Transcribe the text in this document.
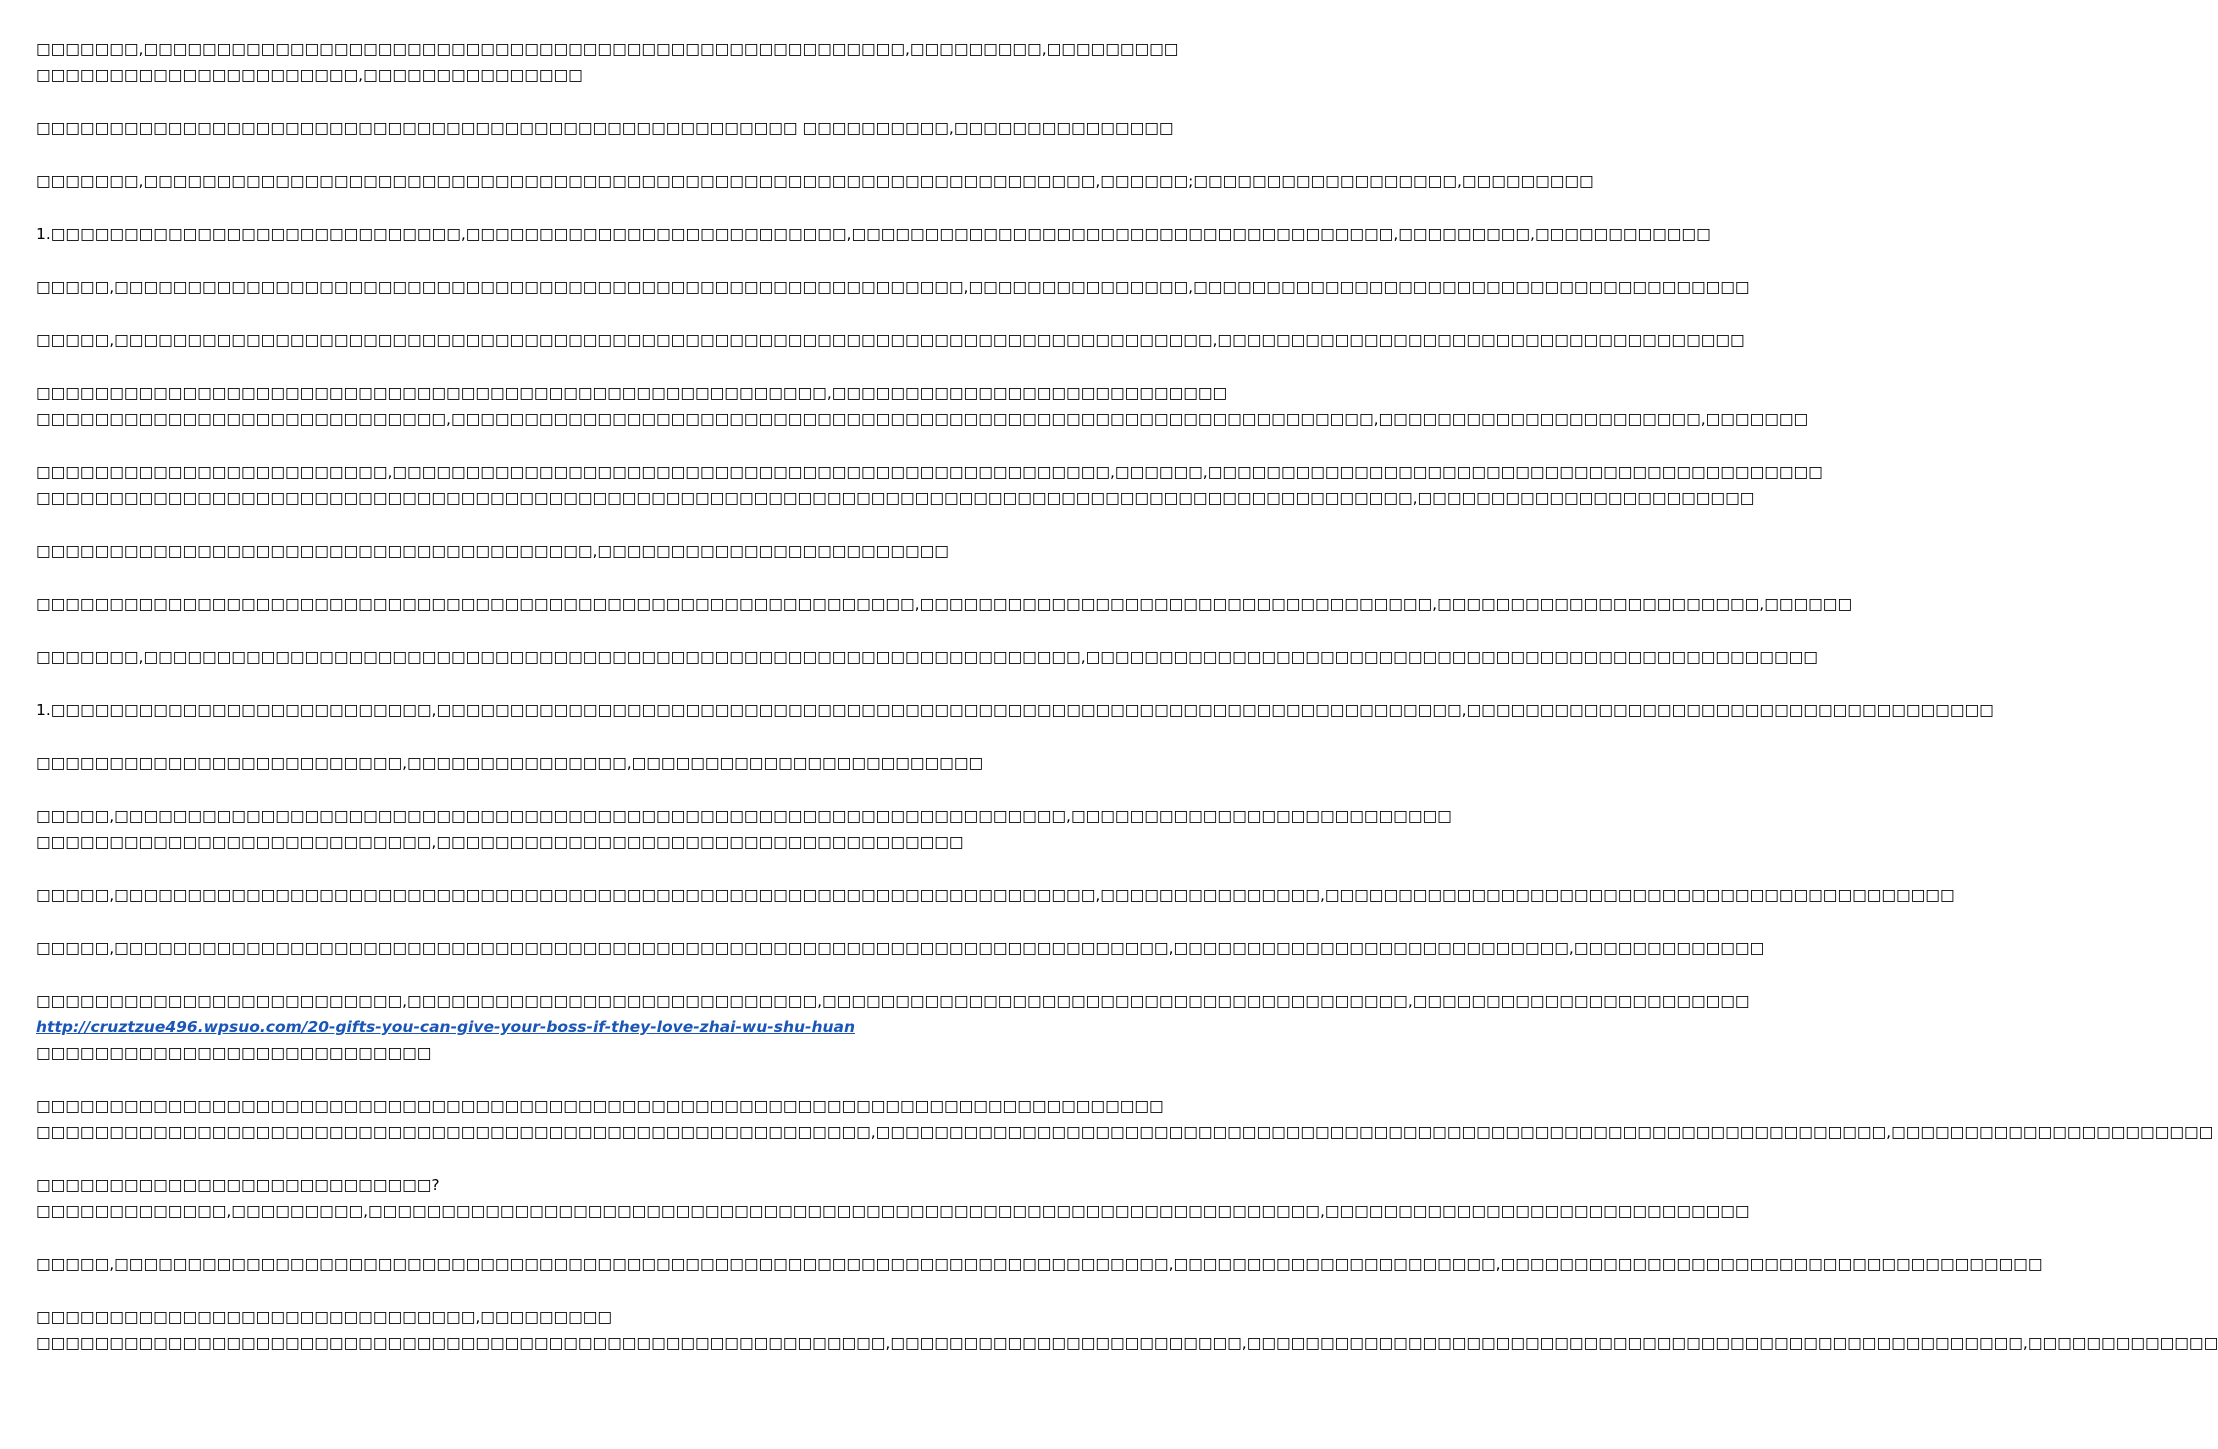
□□□□□□□,□□□□□□□□□□□□□□□□□□□□□□□□□□□□□□□□□□□□□□□□□□□□□□□□□□□□,□□□□□□□□□,□□□□□□□□□
□□□□□□□□□□□□□□□□□□□□□□,□□□□□□□□□□□□□□□
□□□□□□□□□□□□□□□□□□□□□□□□□□□□□□□□□□□□□□□□□□□□□□□□□□□□ □□□□□□□□□□,□□□□□□□□□□□□□□□
□□□□□□□,□□□□□□□□□□□□□□□□□□□□□□□□□□□□□□□□□□□□□□□□□□□□□□□□□□□□□□□□□□□□□□□□□,□□□□□□;□□□□□□□□□□□□□□□□□□,□□□□□□□□□
1.□□□□□□□□□□□□□□□□□□□□□□□□□□□□,□□□□□□□□□□□□□□□□□□□□□□□□□□,□□□□□□□□□□□□□□□□□□□□□□□□□□□□□□□□□□□□□,□□□□□□□□□,□□□□□□□□□□□□
□□□□□,□□□□□□□□□□□□□□□□□□□□□□□□□□□□□□□□□□□□□□□□□□□□□□□□□□□□□□□□□□,□□□□□□□□□□□□□□□,□□□□□□□□□□□□□□□□□□□□□□□□□□□□□□□□□□□□□□
□□□□□,□□□□□□□□□□□□□□□□□□□□□□□□□□□□□□□□□□□□□□□□□□□□□□□□□□□□□□□□□□□□□□□□□□□□□□□□□□□,□□□□□□□□□□□□□□□□□□□□□□□□□□□□□□□□□□□□
□□□□□□□□□□□□□□□□□□□□□□□□□□□□□□□□□□□□□□□□□□□□□□□□□□□□□□,□□□□□□□□□□□□□□□□□□□□□□□□□□□
□□□□□□□□□□□□□□□□□□□□□□□□□□□□,□□□□□□□□□□□□□□□□□□□□□□□□□□□□□□□□□□□□□□□□□□□□□□□□□□□□□□□□□□□□□□□,□□□□□□□□□□□□□□□□□□□□□□,□□□□□□□
□□□□□□□□□□□□□□□□□□□□□□□□,□□□□□□□□□□□□□□□□□□□□□□□□□□□□□□□□□□□□□□□□□□□□□□□□□,□□□□□□,□□□□□□□□□□□□□□□□□□□□□□□□□□□□□□□□□□□□□□□□□□
□□□□□□□□□□□□□□□□□□□□□□□□□□□□□□□□□□□□□□□□□□□□□□□□□□□□□□□□□□□□□□□□□□□□□□□□□□□□□□□□□□□□□□□□□□□□□□,□□□□□□□□□□□□□□□□□□□□□□□
□□□□□□□□□□□□□□□□□□□□□□□□□□□□□□□□□□□□□□,□□□□□□□□□□□□□□□□□□□□□□□□
□□□□□□□□□□□□□□□□□□□□□□□□□□□□□□□□□□□□□□□□□□□□□□□□□□□□□□□□□□□□,□□□□□□□□□□□□□□□□□□□□□□□□□□□□□□□□□□□,□□□□□□□□□□□□□□□□□□□□□□,□□□□□□
□□□□□□□,□□□□□□□□□□□□□□□□□□□□□□□□□□□□□□□□□□□□□□□□□□□□□□□□□□□□□□□□□□□□□□□□,□□□□□□□□□□□□□□□□□□□□□□□□□□□□□□□□□□□□□□□□□□□□□□□□□□
1.□□□□□□□□□□□□□□□□□□□□□□□□□□,□□□□□□□□□□□□□□□□□□□□□□□□□□□□□□□□□□□□□□□□□□□□□□□□□□□□□□□□□□□□□□□□□□□□□□,□□□□□□□□□□□□□□□□□□□□□□□□□□□□□□□□□□□□
□□□□□□□□□□□□□□□□□□□□□□□□□,□□□□□□□□□□□□□□□,□□□□□□□□□□□□□□□□□□□□□□□□
□□□□□,□□□□□□□□□□□□□□□□□□□□□□□□□□□□□□□□□□□□□□□□□□□□□□□□□□□□□□□□□□□□□□□□□,□□□□□□□□□□□□□□□□□□□□□□□□□□
□□□□□□□□□□□□□□□□□□□□□□□□□□□,□□□□□□□□□□□□□□□□□□□□□□□□□□□□□□□□□□□□
□□□□□,□□□□□□□□□□□□□□□□□□□□□□□□□□□□□□□□□□□□□□□□□□□□□□□□□□□□□□□□□□□□□□□□□□□,□□□□□□□□□□□□□□□,□□□□□□□□□□□□□□□□□□□□□□□□□□□□□□□□□□□□□□□□□□□
□□□□□,□□□□□□□□□□□□□□□□□□□□□□□□□□□□□□□□□□□□□□□□□□□□□□□□□□□□□□□□□□□□□□□□□□□□□□□□,□□□□□□□□□□□□□□□□□□□□□□□□□□□,□□□□□□□□□□□□□
□□□□□□□□□□□□□□□□□□□□□□□□□,□□□□□□□□□□□□□□□□□□□□□□□□□□□□,□□□□□□□□□□□□□□□□□□□□□□□□□□□□□□□□□□□□□□□□,□□□□□□□□□□□□□□□□□□□□□□□
http://cruztzue496.wpsuo.com/20-gifts-you-can-give-your-boss-if-they-love-zhai-wu-shu-huan
□□□□□□□□□□□□□□□□□□□□□□□□□□□
□□□□□□□□□□□□□□□□□□□□□□□□□□□□□□□□□□□□□□□□□□□□□□□□□□□□□□□□□□□□□□□□□□□□□□□□□□□□□
□□□□□□□□□□□□□□□□□□□□□□□□□□□□□□□□□□□□□□□□□□□□□□□□□□□□□□□□□,□□□□□□□□□□□□□□□□□□□□□□□□□□□□□□□□□□□□□□□□□□□□□□□□□□□□□□□□□□□□□□□□□□□□□,□□□□□□□□□□□□□□□□□□□□□□
□□□□□□□□□□□□□□□□□□□□□□□□□□□?
□□□□□□□□□□□□□,□□□□□□□□□,□□□□□□□□□□□□□□□□□□□□□□□□□□□□□□□□□□□□□□□□□□□□□□□□□□□□□□□□□□□□□□□□□,□□□□□□□□□□□□□□□□□□□□□□□□□□□□□
□□□□□,□□□□□□□□□□□□□□□□□□□□□□□□□□□□□□□□□□□□□□□□□□□□□□□□□□□□□□□□□□□□□□□□□□□□□□□□,□□□□□□□□□□□□□□□□□□□□□□,□□□□□□□□□□□□□□□□□□□□□□□□□□□□□□□□□□□□□
□□□□□□□□□□□□□□□□□□□□□□□□□□□□□□,□□□□□□□□□
□□□□□□□□□□□□□□□□□□□□□□□□□□□□□□□□□□□□□□□□□□□□□□□□□□□□□□□□□□,□□□□□□□□□□□□□□□□□□□□□□□□,□□□□□□□□□□□□□□□□□□□□□□□□□□□□□□□□□□□□□□□□□□□□□□□□□□□□□,□□□□□□□□□□□□□
